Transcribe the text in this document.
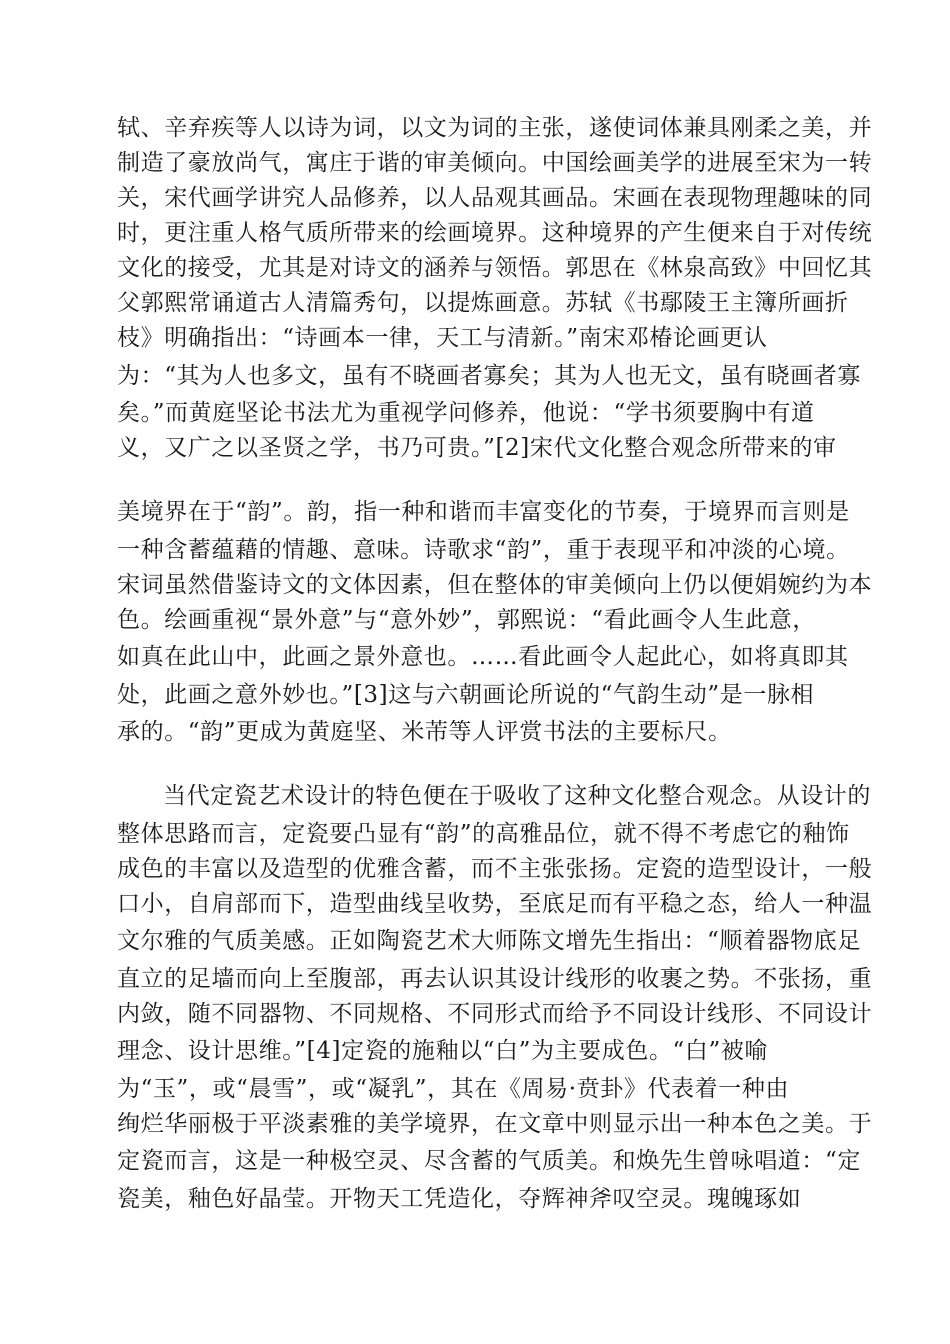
轼、辛弃疾等人以诗为词，以文为词的主张，遂使词体兼具刚柔之美，并
制造了豪放尚气，寓庄于谐的审美倾向。中国绘画美学的进展至宋为一转
关，宋代画学讲究人品修养，以人品观其画品。宋画在表现物理趣味的同
时，更注重人格气质所带来的绘画境界。这种境界的产生便来自于对传统
文化的接受，尤其是对诗文的涵养与领悟。郭思在《林泉高致》中回忆其
父郭熙常诵道古人清篇秀句，以提炼画意。苏轼《书鄢陵王主簿所画折
枝》明确指出：“诗画本一律，天工与清新。”南宋邓椿论画更认
为：“其为人也多文，虽有不晓画者寡矣；其为人也无文，虽有晓画者寡
矣。”而黄庭坚论书法尤为重视学问修养，他说：“学书须要胸中有道
义，又广之以圣贤之学，书乃可贵。”[2]宋代文化整合观念所带来的审
美境界在于“韵”。韵，指一种和谐而丰富变化的节奏，于境界而言则是
一种含蓄蕴藉的情趣、意味。诗歌求“韵”，重于表现平和冲淡的心境。
宋词虽然借鉴诗文的文体因素，但在整体的审美倾向上仍以便娟婉约为本
色。绘画重视“景外意”与“意外妙”，郭熙说：“看此画令人生此意，
如真在此山中，此画之景外意也。……看此画令人起此心，如将真即其
处，此画之意外妙也。”[3]这与六朝画论所说的“气韵生动”是一脉相
承的。“韵”更成为黄庭坚、米芾等人评赏书法的主要标尺。
当代定瓷艺术设计的特色便在于吸收了这种文化整合观念。从设计的
整体思路而言，定瓷要凸显有“韵”的高雅品位，就不得不考虑它的釉饰
成色的丰富以及造型的优雅含蓄，而不主张张扬。定瓷的造型设计，一般
口小，自肩部而下，造型曲线呈收势，至底足而有平稳之态，给人一种温
文尔雅的气质美感。正如陶瓷艺术大师陈文增先生指出：“顺着器物底足
直立的足墙而向上至腹部，再去认识其设计线形的收裹之势。不张扬，重
内敛，随不同器物、不同规格、不同形式而给予不同设计线形、不同设计
理念、设计思维。”[4]定瓷的施釉以“白”为主要成色。“白”被喻
为“玉”，或“晨雪”，或“凝乳”，其在《周易·贲卦》代表着一种由
绚烂华丽极于平淡素雅的美学境界，在文章中则显示出一种本色之美。于
定瓷而言，这是一种极空灵、尽含蓄的气质美。和焕先生曾咏唱道：“定
瓷美，釉色好晶莹。开物天工凭造化，夺辉神斧叹空灵。瑰魄琢如
